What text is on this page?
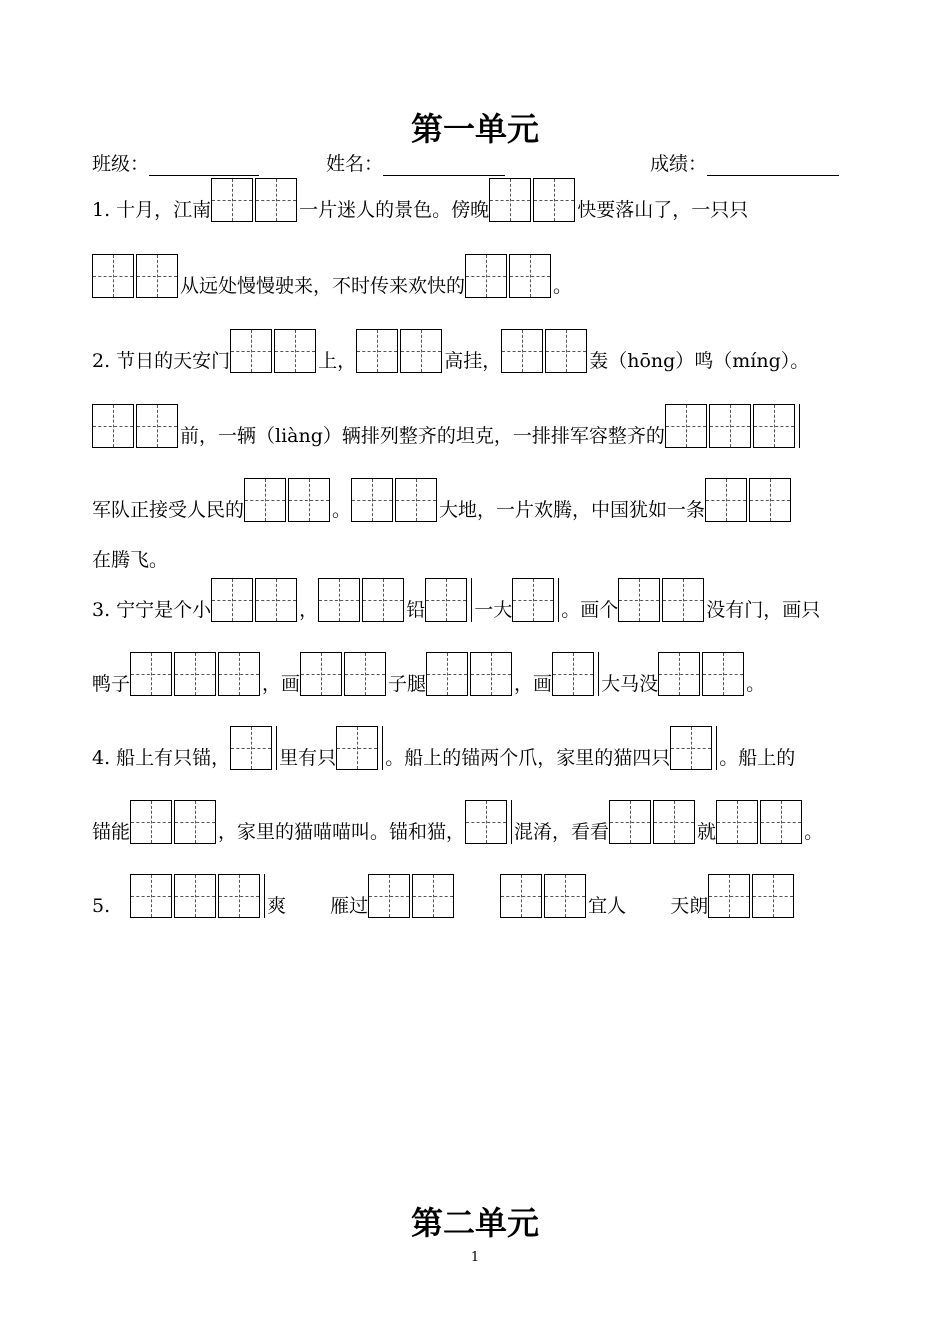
第一单元
班级：	姓名：	成绩：
1. 十月，江南	一片迷人的景色。傍晚	快要落山了，一只只
从远处慢慢驶来，不时传来欢快的	。
2. 节日的天安门	上，	高挂，	轰（hōng）鸣（míng）。
前，一辆（liàng）辆排列整齐的坦克，一排排军容整齐的
军队正接受人民的	。	大地，一片欢腾，中国犹如一条
在腾飞。
3. 宁宁是个小	，	铅	一大	。画个	没有门，画只
鸭子	，画	子腿	，画	大马没	。
4. 船上有只锚，	里有只	。船上的锚两个爪，家里的猫四只	。船上的
锚能	，家里的猫喵喵叫。锚和猫，	混淆，看看	就	。
5.	爽 雁过	宜人 天朗
第二单元
1
